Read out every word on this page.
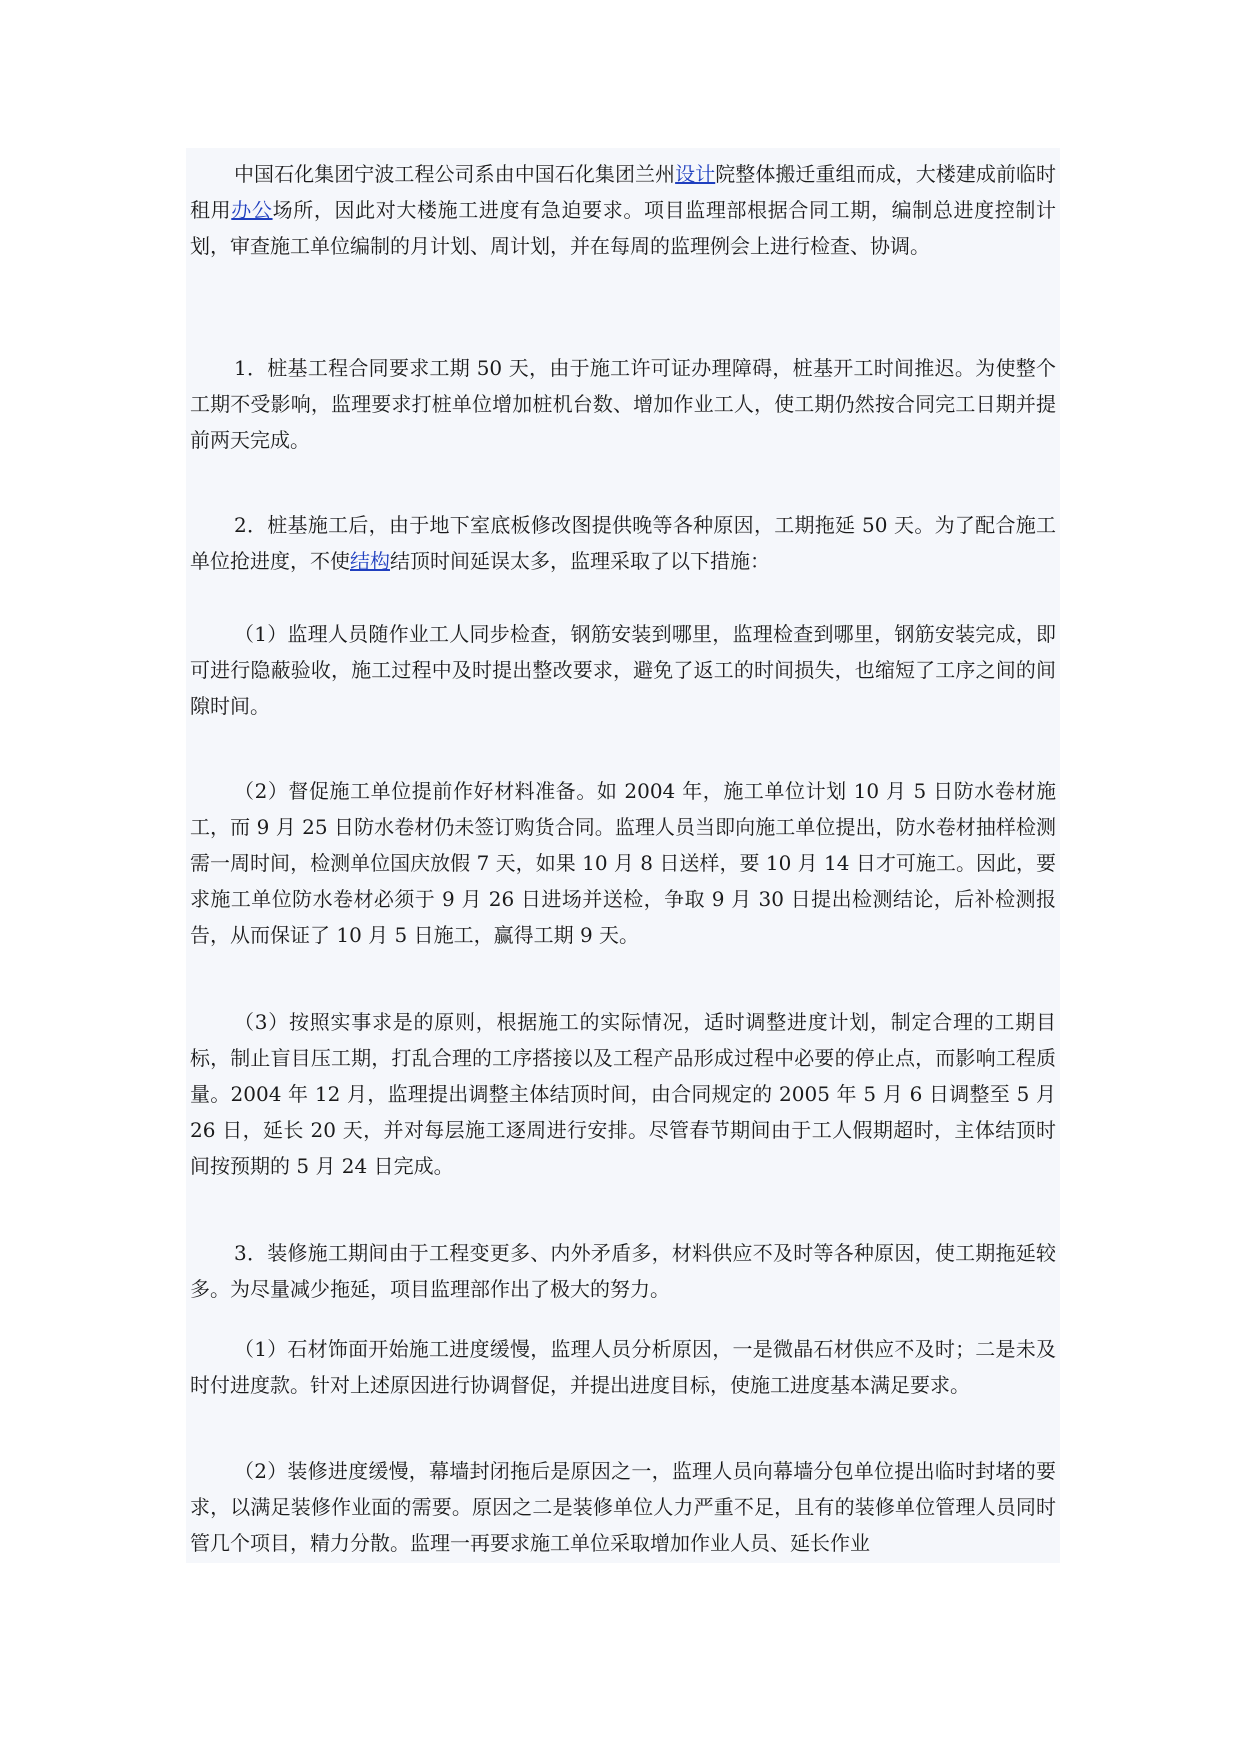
中国石化集团宁波工程公司系由中国石化集团兰州设计院整体搬迁重组而成，大楼建成前临时租用办公场所，因此对大楼施工进度有急迫要求。项目监理部根据合同工期，编制总进度控制计划，审查施工单位编制的月计划、周计划，并在每周的监理例会上进行检查、协调。

1．桩基工程合同要求工期 50 天，由于施工许可证办理障碍，桩基开工时间推迟。为使整个工期不受影响，监理要求打桩单位增加桩机台数、增加作业工人，使工期仍然按合同完工日期并提前两天完成。

2．桩基施工后，由于地下室底板修改图提供晚等各种原因，工期拖延 50 天。为了配合施工单位抢进度，不使结构结顶时间延误太多，监理采取了以下措施：

（1）监理人员随作业工人同步检查，钢筋安装到哪里，监理检查到哪里，钢筋安装完成，即可进行隐蔽验收，施工过程中及时提出整改要求，避免了返工的时间损失，也缩短了工序之间的间隙时间。

（2）督促施工单位提前作好材料准备。如 2004 年，施工单位计划 10 月 5 日防水卷材施工，而 9 月 25 日防水卷材仍未签订购货合同。监理人员当即向施工单位提出，防水卷材抽样检测需一周时间，检测单位国庆放假 7 天，如果 10 月 8 日送样，要 10 月 14 日才可施工。因此，要求施工单位防水卷材必须于 9 月 26 日进场并送检，争取 9 月 30 日提出检测结论，后补检测报告，从而保证了 10 月 5 日施工，赢得工期 9 天。

（3）按照实事求是的原则，根据施工的实际情况，适时调整进度计划，制定合理的工期目标，制止盲目压工期，打乱合理的工序搭接以及工程产品形成过程中必要的停止点，而影响工程质量。2004 年 12 月，监理提出调整主体结顶时间，由合同规定的 2005 年 5 月 6 日调整至 5 月 26 日，延长 20 天，并对每层施工逐周进行安排。尽管春节期间由于工人假期超时，主体结顶时间按预期的 5 月 24 日完成。

3．装修施工期间由于工程变更多、内外矛盾多，材料供应不及时等各种原因，使工期拖延较多。为尽量减少拖延，项目监理部作出了极大的努力。

（1）石材饰面开始施工进度缓慢，监理人员分析原因，一是微晶石材供应不及时；二是未及时付进度款。针对上述原因进行协调督促，并提出进度目标，使施工进度基本满足要求。

（2）装修进度缓慢，幕墙封闭拖后是原因之一，监理人员向幕墙分包单位提出临时封堵的要求，以满足装修作业面的需要。原因之二是装修单位人力严重不足，且有的装修单位管理人员同时管几个项目，精力分散。监理一再要求施工单位采取增加作业人员、延长作业
